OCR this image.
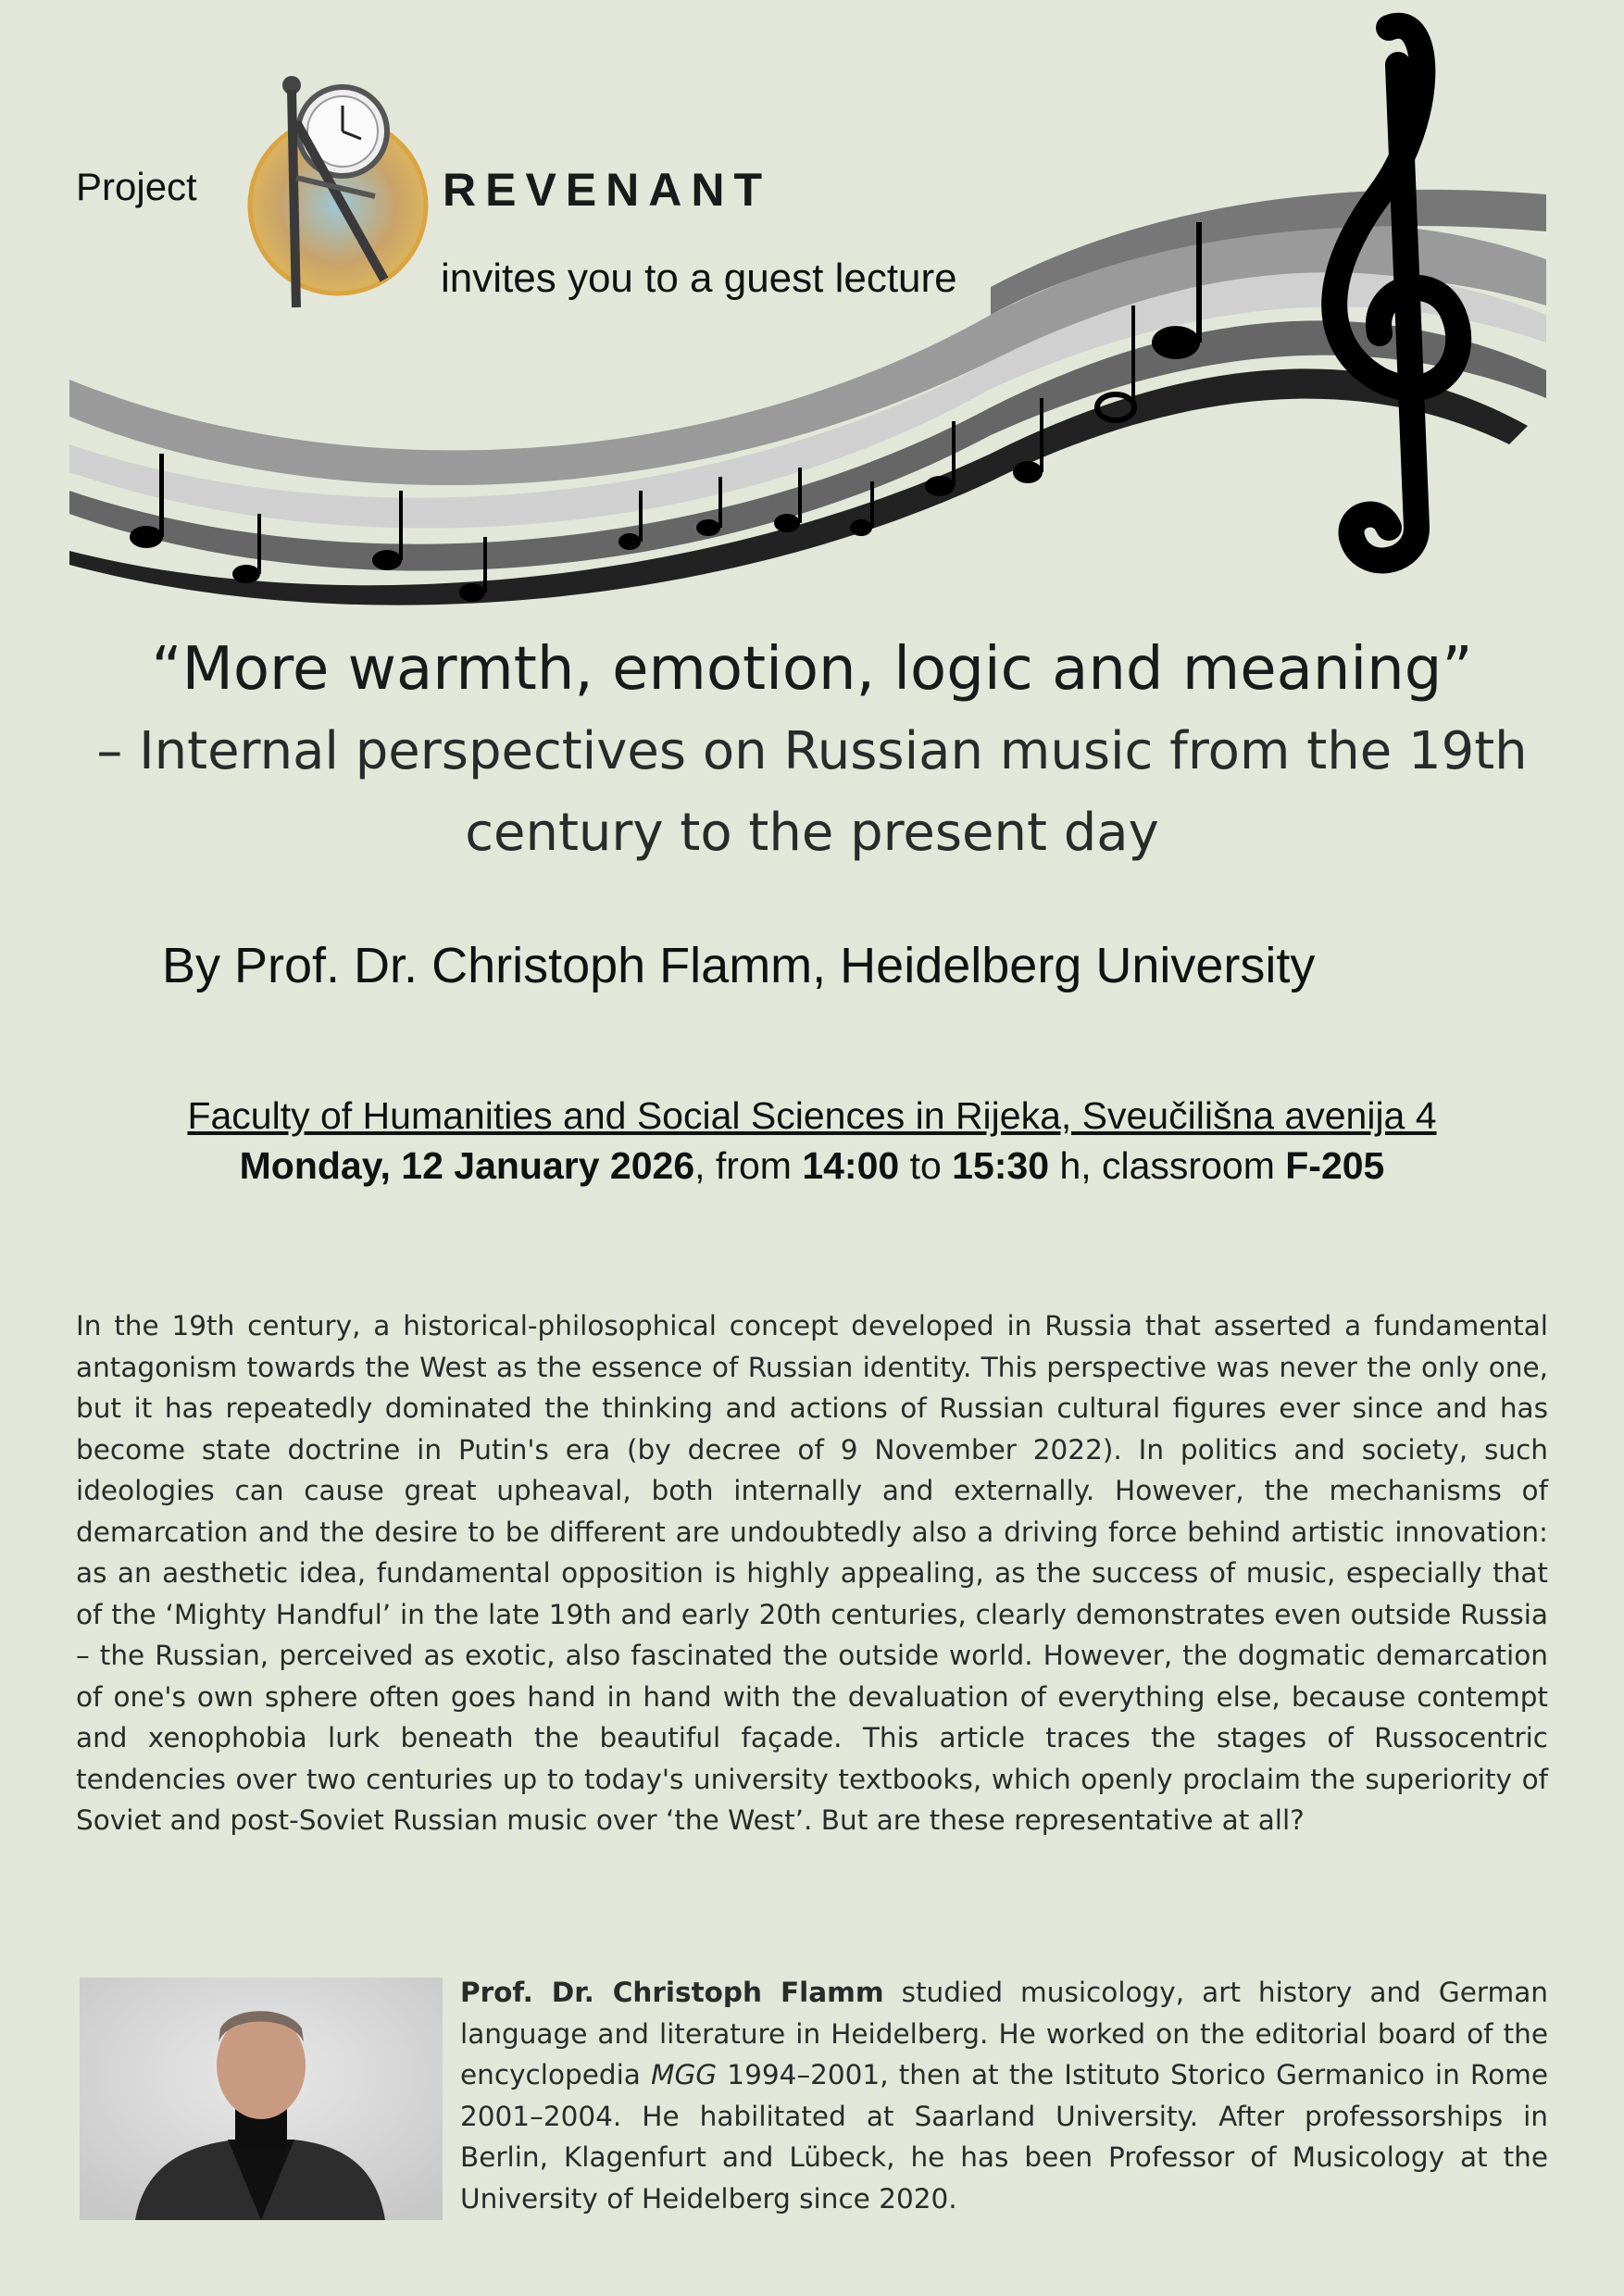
Project	REVENANT
invites you to a guest lecture
“More warmth, emotion, logic and meaning”
– Internal perspectives on Russian music from the 19th century to the present day
By Prof. Dr. Christoph Flamm, Heidelberg University
Faculty of Humanities and Social Sciences in Rijeka, Sveučilišna avenija 4
Monday, 12 January 2026, from 14:00 to 15:30 h, classroom F-205
In the 19th century, a historical-philosophical concept developed in Russia that asserted a fundamental antagonism towards the West as the essence of Russian identity. This perspective was never the only one, but it has repeatedly dominated the thinking and actions of Russian cultural figures ever since and has become state doctrine in Putin's era (by decree of 9 November 2022). In politics and society, such ideologies can cause great upheaval, both internally and externally. However, the mechanisms of demarcation and the desire to be different are undoubtedly also a driving force behind artistic innovation: as an aesthetic idea, fundamental opposition is highly appealing, as the success of music, especially that of the ‘Mighty Handful’ in the late 19th and early 20th centuries, clearly demonstrates even outside Russia – the Russian, perceived as exotic, also fascinated the outside world. However, the dogmatic demarcation of one's own sphere often goes hand in hand with the devaluation of everything else, because contempt and xenophobia lurk beneath the beautiful façade. This article traces the stages of Russocentric tendencies over two centuries up to today's university textbooks, which openly proclaim the superiority of Soviet and post-Soviet Russian music over ‘the West’. But are these representative at all?
Prof. Dr. Christoph Flamm studied musicology, art history and German language and literature in Heidelberg. He worked on the editorial board of the encyclopedia MGG 1994–2001, then at the Istituto Storico Germanico in Rome 2001–2004. He habilitated at Saarland University. After professorships in Berlin, Klagenfurt and Lübeck, he has been Professor of Musicology at the University of Heidelberg since 2020.
